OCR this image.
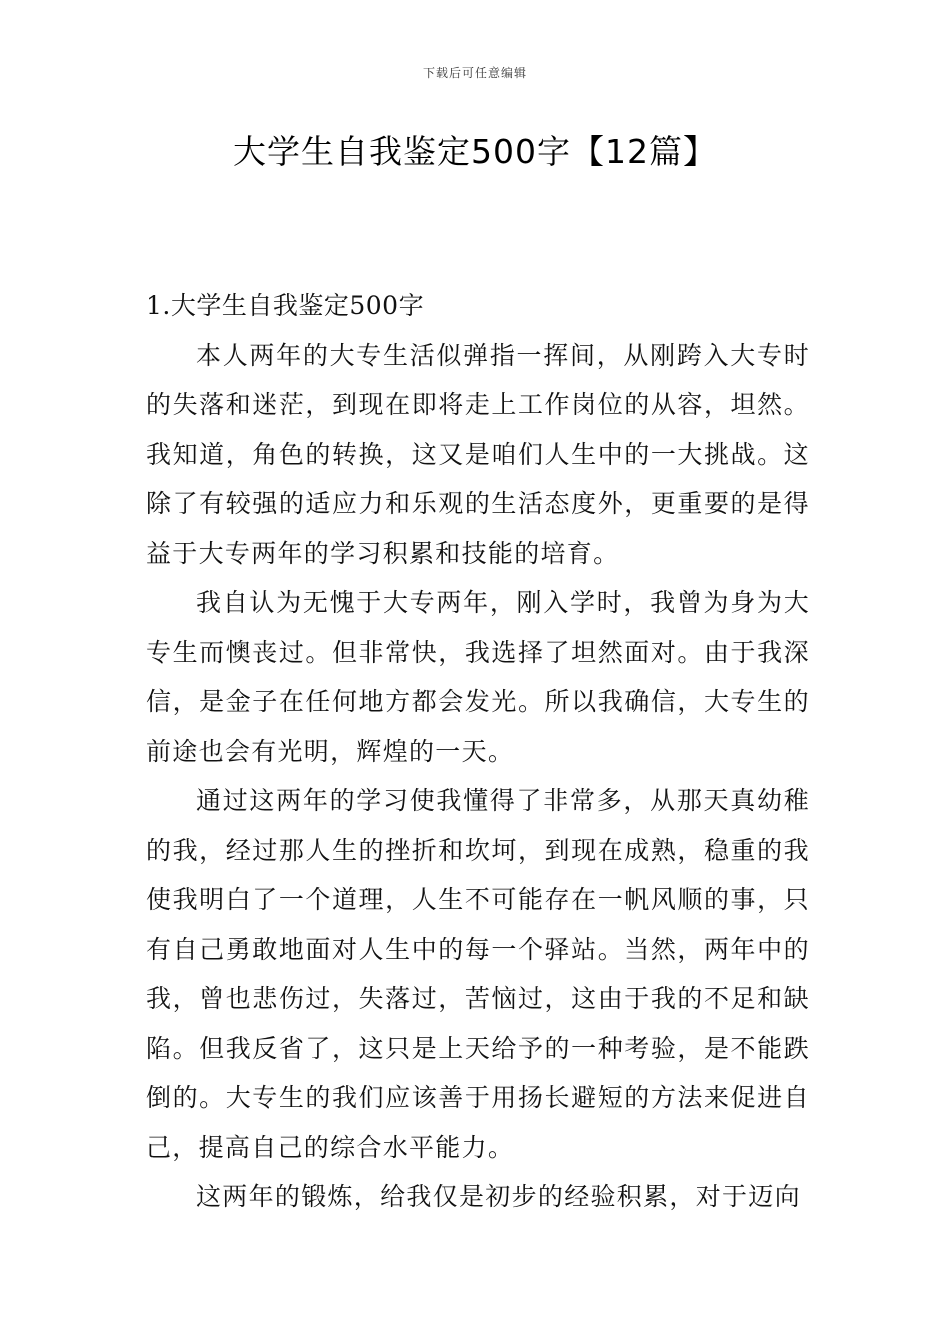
下载后可任意编辑
大学生自我鉴定500字【12篇】

1.大学生自我鉴定500字

本人两年的大专生活似弹指一挥间，从刚跨入大专时的失落和迷茫，到现在即将走上工作岗位的从容，坦然。我知道，角色的转换，这又是咱们人生中的一大挑战。这除了有较强的适应力和乐观的生活态度外，更重要的是得益于大专两年的学习积累和技能的培育。

我自认为无愧于大专两年，刚入学时，我曾为身为大专生而懊丧过。但非常快，我选择了坦然面对。由于我深信，是金子在任何地方都会发光。所以我确信，大专生的前途也会有光明，辉煌的一天。

通过这两年的学习使我懂得了非常多，从那天真幼稚的我，经过那人生的挫折和坎坷，到现在成熟，稳重的我使我明白了一个道理，人生不可能存在一帆风顺的事，只有自己勇敢地面对人生中的每一个驿站。当然，两年中的我，曾也悲伤过，失落过，苦恼过，这由于我的不足和缺陷。但我反省了，这只是上天给予的一种考验，是不能跌倒的。大专生的我们应该善于用扬长避短的方法来促进自己，提高自己的综合水平能力。

这两年的锻炼，给我仅是初步的经验积累，对于迈向
